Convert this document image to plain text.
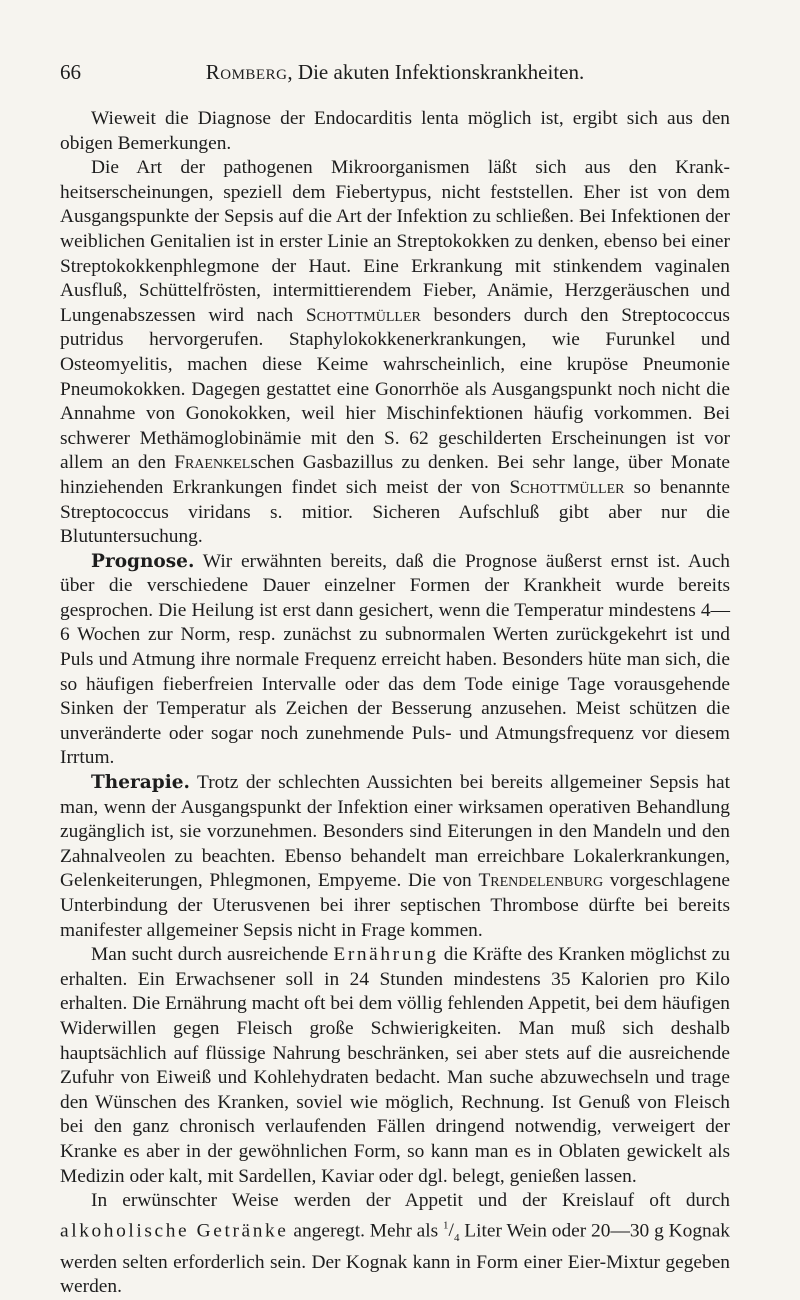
66	Romberg, Die akuten Infektionskrankheiten.

Wieweit die Diagnose der Endocarditis lenta möglich ist, ergibt sich aus den obigen Bemerkungen.

Die Art der pathogenen Mikroorganismen läßt sich aus den Krankheitserscheinungen, speziell dem Fiebertypus, nicht feststellen. Eher ist von dem Ausgangspunkte der Sepsis auf die Art der Infektion zu schließen. Bei Infektionen der weiblichen Genitalien ist in erster Linie an Streptokokken zu denken, ebenso bei einer Streptokokkenphlegmone der Haut. Eine Erkrankung mit stinkendem vaginalen Ausfluß, Schüttelfrösten, intermittierendem Fieber, Anämie, Herzgeräuschen und Lungenabszessen wird nach Schottmüller besonders durch den Streptococcus putridus hervorgerufen. Staphylokokkenerkrankungen, wie Furunkel und Osteomyelitis, machen diese Keime wahrscheinlich, eine krupöse Pneumonie Pneumokokken. Dagegen gestattet eine Gonorrhöe als Ausgangspunkt noch nicht die Annahme von Gonokokken, weil hier Mischinfektionen häufig vorkommen. Bei schwerer Methämoglobinämie mit den S. 62 geschilderten Erscheinungen ist vor allem an den Fraenkelschen Gasbazillus zu denken. Bei sehr lange, über Monate hinziehenden Erkrankungen findet sich meist der von Schottmüller so benannte Streptococcus viridans s. mitior. Sicheren Aufschluß gibt aber nur die Blutuntersuchung.

Prognose. Wir erwähnten bereits, daß die Prognose äußerst ernst ist. Auch über die verschiedene Dauer einzelner Formen der Krankheit wurde bereits gesprochen. Die Heilung ist erst dann gesichert, wenn die Temperatur mindestens 4—6 Wochen zur Norm, resp. zunächst zu subnormalen Werten zurückgekehrt ist und Puls und Atmung ihre normale Frequenz erreicht haben. Besonders hüte man sich, die so häufigen fieberfreien Intervalle oder das dem Tode einige Tage vorausgehende Sinken der Temperatur als Zeichen der Besserung anzusehen. Meist schützen die unveränderte oder sogar noch zunehmende Puls- und Atmungsfrequenz vor diesem Irrtum.

Therapie. Trotz der schlechten Aussichten bei bereits allgemeiner Sepsis hat man, wenn der Ausgangspunkt der Infektion einer wirksamen operativen Behandlung zugänglich ist, sie vorzunehmen. Besonders sind Eiterungen in den Mandeln und den Zahnalveolen zu beachten. Ebenso behandelt man erreichbare Lokalerkrankungen, Gelenkeiterungen, Phlegmonen, Empyeme. Die von Trendelenburg vorgeschlagene Unterbindung der Uterusvenen bei ihrer septischen Thrombose dürfte bei bereits manifester allgemeiner Sepsis nicht in Frage kommen.

Man sucht durch ausreichende Ernährung die Kräfte des Kranken möglichst zu erhalten. Ein Erwachsener soll in 24 Stunden mindestens 35 Kalorien pro Kilo erhalten. Die Ernährung macht oft bei dem völlig fehlenden Appetit, bei dem häufigen Widerwillen gegen Fleisch große Schwierigkeiten. Man muß sich deshalb hauptsächlich auf flüssige Nahrung beschränken, sei aber stets auf die ausreichende Zufuhr von Eiweiß und Kohlehydraten bedacht. Man suche abzuwechseln und trage den Wünschen des Kranken, soviel wie möglich, Rechnung. Ist Genuß von Fleisch bei den ganz chronisch verlaufenden Fällen dringend notwendig, verweigert der Kranke es aber in der gewöhnlichen Form, so kann man es in Oblaten gewickelt als Medizin oder kalt, mit Sardellen, Kaviar oder dgl. belegt, genießen lassen.

In erwünschter Weise werden der Appetit und der Kreislauf oft durch alkoholische Getränke angeregt. Mehr als $^1/_4$ Liter Wein oder 20—30 g Kognak werden selten erforderlich sein. Der Kognak kann in Form einer Eier-Mixtur gegeben werden.
